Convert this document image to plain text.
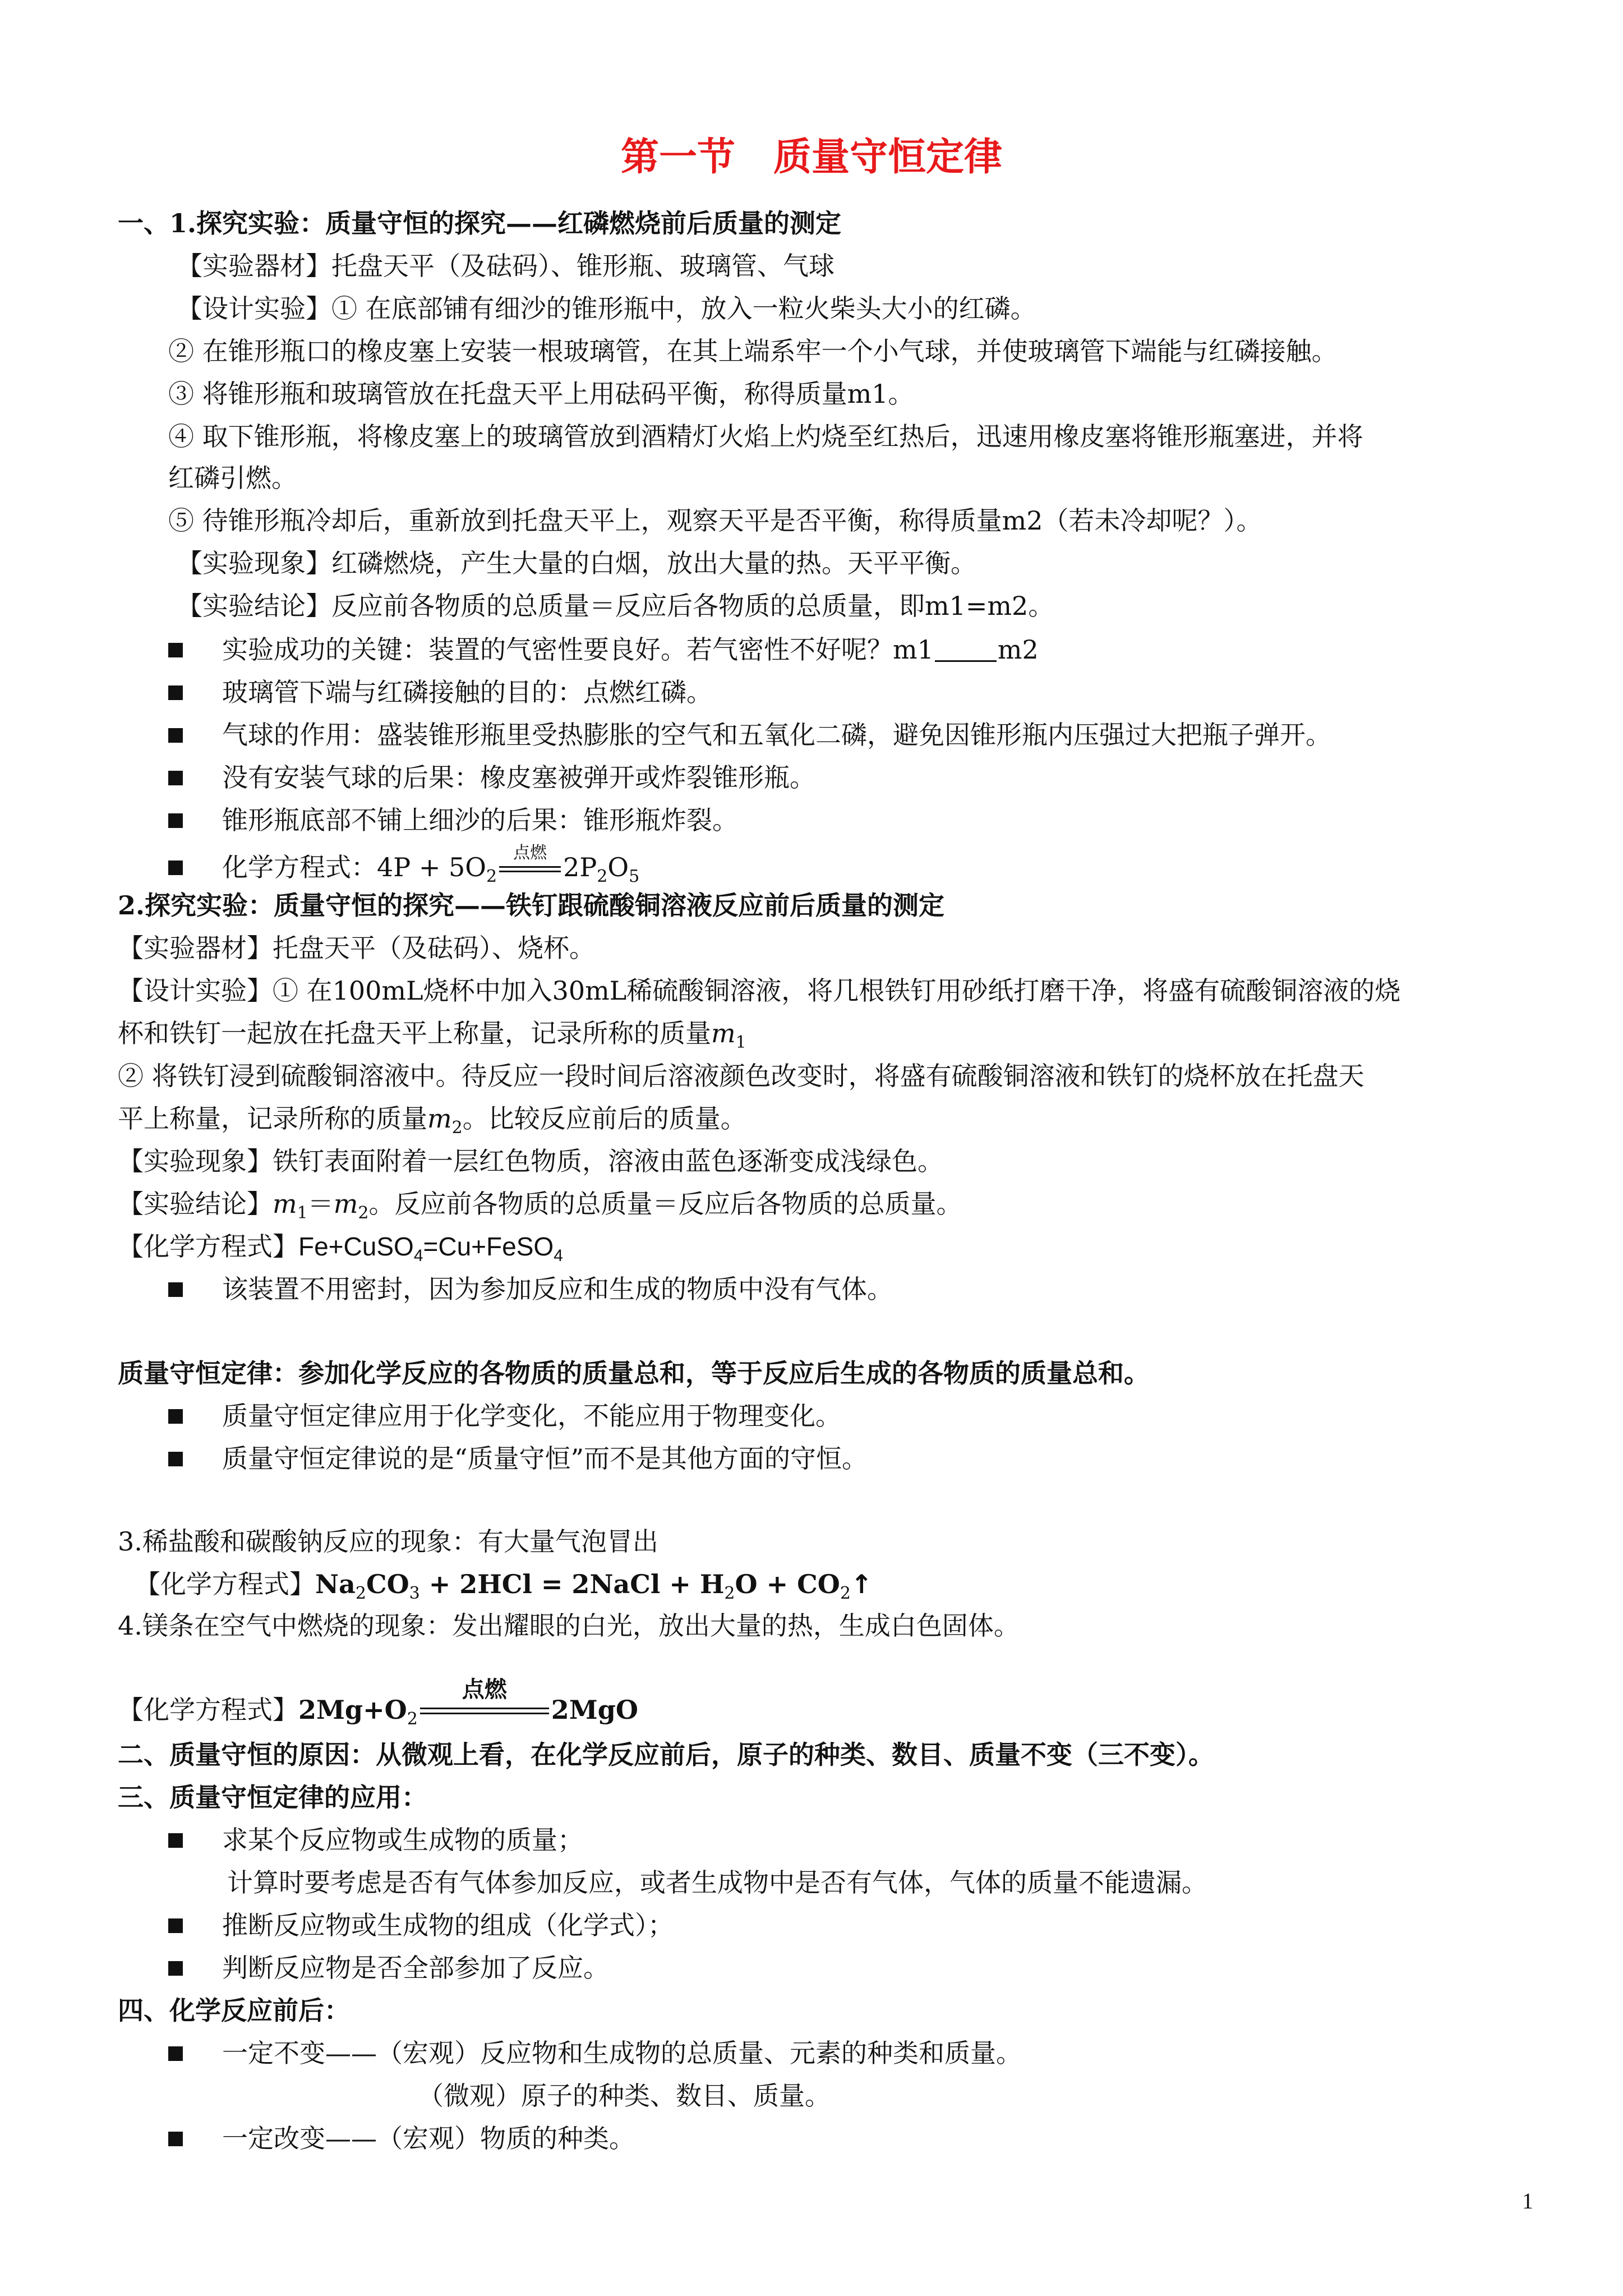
第一节　质量守恒定律
一、1.探究实验：质量守恒的探究——红磷燃烧前后质量的测定
【实验器材】托盘天平（及砝码）、锥形瓶、玻璃管、气球
【设计实验】① 在底部铺有细沙的锥形瓶中，放入一粒火柴头大小的红磷。
② 在锥形瓶口的橡皮塞上安装一根玻璃管，在其上端系牢一个小气球，并使玻璃管下端能与红磷接触。
③ 将锥形瓶和玻璃管放在托盘天平上用砝码平衡，称得质量m1。
④ 取下锥形瓶，将橡皮塞上的玻璃管放到酒精灯火焰上灼烧至红热后，迅速用橡皮塞将锥形瓶塞进，并将
红磷引燃。
⑤ 待锥形瓶冷却后，重新放到托盘天平上，观察天平是否平衡，称得质量m2（若未冷却呢？）。
【实验现象】红磷燃烧，产生大量的白烟，放出大量的热。天平平衡。
【实验结论】反应前各物质的总质量＝反应后各物质的总质量，即m1=m2。
实验成功的关键：装置的气密性要良好。若气密性不好呢？m1 m2
玻璃管下端与红磷接触的目的：点燃红磷。
气球的作用：盛装锥形瓶里受热膨胀的空气和五氧化二磷，避免因锥形瓶内压强过大把瓶子弹开。
没有安装气球的后果：橡皮塞被弹开或炸裂锥形瓶。
锥形瓶底部不铺上细沙的后果：锥形瓶炸裂。
化学方程式：$4P + 5O_2$
点燃 $2P_2O_5$
2.探究实验：质量守恒的探究——铁钉跟硫酸铜溶液反应前后质量的测定
【实验器材】托盘天平（及砝码）、烧杯。
【设计实验】① 在100mL烧杯中加入30mL稀硫酸铜溶液，将几根铁钉用砂纸打磨干净，将盛有硫酸铜溶液的烧
杯和铁钉一起放在托盘天平上称量，记录所称的质量$m_1$
② 将铁钉浸到硫酸铜溶液中。待反应一段时间后溶液颜色改变时，将盛有硫酸铜溶液和铁钉的烧杯放在托盘天
平上称量，记录所称的质量$m_2$。比较反应前后的质量。
【实验现象】铁钉表面附着一层红色物质，溶液由蓝色逐渐变成浅绿色。
【实验结论】$m_1=m_2$。反应前各物质的总质量＝反应后各物质的总质量。
【化学方程式】Fe+CuSO$_4$=Cu+FeSO$_4$
该装置不用密封，因为参加反应和生成的物质中没有气体。
质量守恒定律：参加化学反应的各物质的质量总和，等于反应后生成的各物质的质量总和。
质量守恒定律应用于化学变化，不能应用于物理变化。
质量守恒定律说的是“质量守恒”而不是其他方面的守恒。
3.稀盐酸和碳酸钠反应的现象：有大量气泡冒出
【化学方程式】$Na_2CO_3 + 2HCl$ = 2NaCl + $H_2O$ + $CO_2↑$
4.镁条在空气中燃烧的现象：发出耀眼的白光，放出大量的热，生成白色固体。
【化学方程式】$2Mg+O_2$
点燃
2MgO
二、质量守恒的原因：从微观上看，在化学反应前后，原子的种类、数目、质量不变（三不变）。
三、质量守恒定律的应用：
求某个反应物或生成物的质量；
计算时要考虑是否有气体参加反应，或者生成物中是否有气体，气体的质量不能遗漏。
推断反应物或生成物的组成（化学式）；
判断反应物是否全部参加了反应。
四、化学反应前后：
一定不变——（宏观）反应物和生成物的总质量、元素的种类和质量。
（微观）原子的种类、数目、质量。
一定改变——（宏观）物质的种类。
1
